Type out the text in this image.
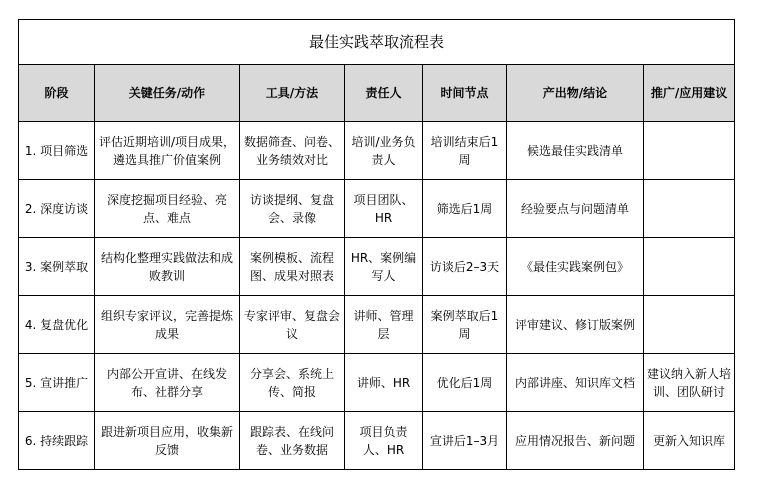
最佳实践萃取流程表						
阶段	关键任务/动作	工具/方法	责任人	时间节点	产出物/结论	推广/应用建议
1. 项目筛选	评估近期培训/项目成果，遴选具推广价值案例	数据筛查、问卷、业务绩效对比	培训/业务负责人	培训结束后1周	候选最佳实践清单	
2. 深度访谈	深度挖掘项目经验、亮点、难点	访谈提纲、复盘会、录像	项目团队、HR	筛选后1周	经验要点与问题清单	
3. 案例萃取	结构化整理实践做法和成败教训	案例模板、流程图、成果对照表	HR、案例编写人	访谈后2–3天	《最佳实践案例包》	
4. 复盘优化	组织专家评议，完善提炼成果	专家评审、复盘会议	讲师、管理层	案例萃取后1周	评审建议、修订版案例	
5. 宣讲推广	内部公开宣讲、在线发布、社群分享	分享会、系统上传、简报	讲师、HR	优化后1周	内部讲座、知识库文档	建议纳入新人培训、团队研讨
6. 持续跟踪	跟进新项目应用，收集新反馈	跟踪表、在线问卷、业务数据	项目负责人、HR	宣讲后1–3月	应用情况报告、新问题	更新入知识库
